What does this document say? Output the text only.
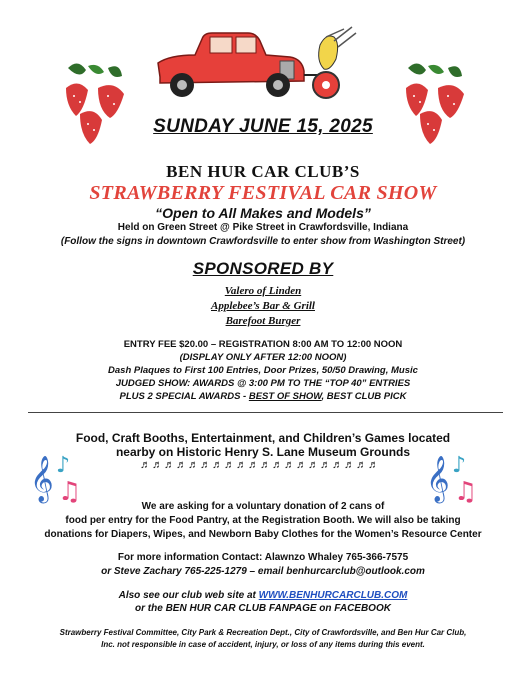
SUNDAY JUNE 15, 2025
BEN HUR CAR CLUB’S
STRAWBERRY FESTIVAL CAR SHOW
“Open to All Makes and Models”
Held on Green Street @ Pike Street in Crawfordsville, Indiana
(Follow the signs in downtown Crawfordsville to enter show from Washington Street)
SPONSORED BY
Valero of Linden
Applebee’s Bar & Grill
Barefoot Burger
ENTRY FEE $20.00 – REGISTRATION 8:00 AM TO 12:00 NOON
(DISPLAY ONLY AFTER 12:00 NOON)
Dash Plaques to First 100 Entries, Door Prizes, 50/50 Drawing, Music
JUDGED SHOW: AWARDS @ 3:00 PM TO THE “TOP 40” ENTRIES
PLUS 2 SPECIAL AWARDS - BEST OF SHOW, BEST CLUB PICK
Food, Craft Booths, Entertainment, and Children’s Games located
nearby on Historic Henry S. Lane Museum Grounds
♬♬♬♬♬♬♬♬♬♬♬♬♬♬♬♬♬♬♬♬
𝄞 ♪
♫	𝄞 ♪
♫
We are asking for a voluntary donation of 2 cans of
food per entry for the Food Pantry, at the Registration Booth. We will also be taking
donations for Diapers, Wipes, and Newborn Baby Clothes for the Women’s Resource Center
For more information Contact: Alawnzo Whaley 765-366-7575
or Steve Zachary 765-225-1279 – email benhurcarclub@outlook.com
Also see our club web site at WWW.BENHURCARCLUB.COM
or the BEN HUR CAR CLUB FANPAGE on FACEBOOK
Strawberry Festival Committee, City Park & Recreation Dept., City of Crawfordsville, and Ben Hur Car Club,
Inc. not responsible in case of accident, injury, or loss of any items during this event.
